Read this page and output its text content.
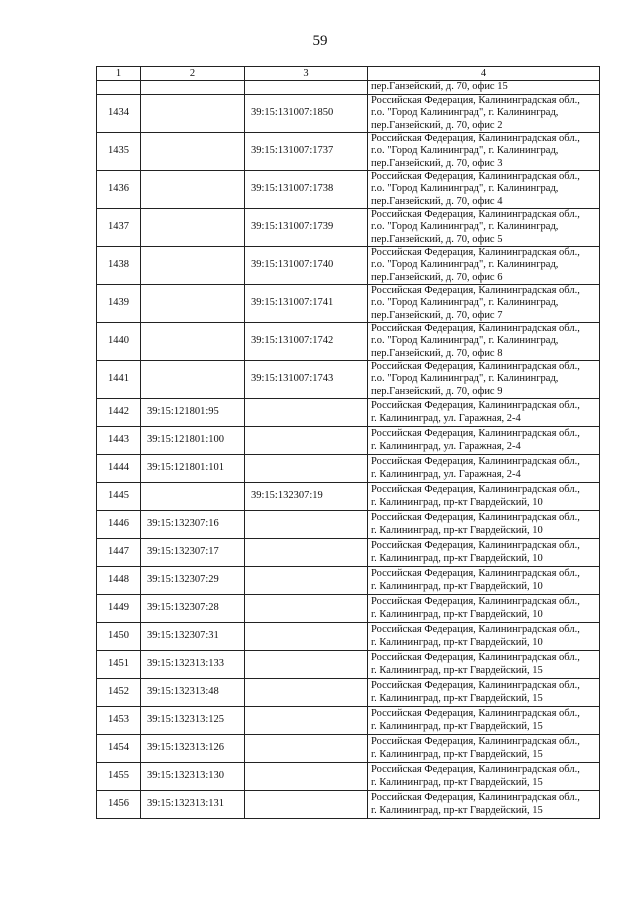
59
1	2	3	4
			пер.Ганзейский, д. 70, офис 15
1434		39:15:131007:1850	Российская Федерация, Калининградская обл.,
г.о. "Город Калининград", г. Калининград,
пер.Ганзейский, д. 70, офис 2
1435		39:15:131007:1737	Российская Федерация, Калининградская обл.,
г.о. "Город Калининград", г. Калининград,
пер.Ганзейский, д. 70, офис 3
1436		39:15:131007:1738	Российская Федерация, Калининградская обл.,
г.о. "Город Калининград", г. Калининград,
пер.Ганзейский, д. 70, офис 4
1437		39:15:131007:1739	Российская Федерация, Калининградская обл.,
г.о. "Город Калининград", г. Калининград,
пер.Ганзейский, д. 70, офис 5
1438		39:15:131007:1740	Российская Федерация, Калининградская обл.,
г.о. "Город Калининград", г. Калининград,
пер.Ганзейский, д. 70, офис 6
1439		39:15:131007:1741	Российская Федерация, Калининградская обл.,
г.о. "Город Калининград", г. Калининград,
пер.Ганзейский, д. 70, офис 7
1440		39:15:131007:1742	Российская Федерация, Калининградская обл.,
г.о. "Город Калининград", г. Калининград,
пер.Ганзейский, д. 70, офис 8
1441		39:15:131007:1743	Российская Федерация, Калининградская обл.,
г.о. "Город Калининград", г. Калининград,
пер.Ганзейский, д. 70, офис 9
1442	39:15:121801:95		Российская Федерация, Калининградская обл.,
г. Калининград, ул. Гаражная, 2-4
1443	39:15:121801:100		Российская Федерация, Калининградская обл.,
г. Калининград, ул. Гаражная, 2-4
1444	39:15:121801:101		Российская Федерация, Калининградская обл.,
г. Калининград, ул. Гаражная, 2-4
1445		39:15:132307:19	Российская Федерация, Калининградская обл.,
г. Калининград, пр-кт Гвардейский, 10
1446	39:15:132307:16		Российская Федерация, Калининградская обл.,
г. Калининград, пр-кт Гвардейский, 10
1447	39:15:132307:17		Российская Федерация, Калининградская обл.,
г. Калининград, пр-кт Гвардейский, 10
1448	39:15:132307:29		Российская Федерация, Калининградская обл.,
г. Калининград, пр-кт Гвардейский, 10
1449	39:15:132307:28		Российская Федерация, Калининградская обл.,
г. Калининград, пр-кт Гвардейский, 10
1450	39:15:132307:31		Российская Федерация, Калининградская обл.,
г. Калининград, пр-кт Гвардейский, 10
1451	39:15:132313:133		Российская Федерация, Калининградская обл.,
г. Калининград, пр-кт Гвардейский, 15
1452	39:15:132313:48		Российская Федерация, Калининградская обл.,
г. Калининград, пр-кт Гвардейский, 15
1453	39:15:132313:125		Российская Федерация, Калининградская обл.,
г. Калининград, пр-кт Гвардейский, 15
1454	39:15:132313:126		Российская Федерация, Калининградская обл.,
г. Калининград, пр-кт Гвардейский, 15
1455	39:15:132313:130		Российская Федерация, Калининградская обл.,
г. Калининград, пр-кт Гвардейский, 15
1456	39:15:132313:131		Российская Федерация, Калининградская обл.,
г. Калининград, пр-кт Гвардейский, 15
